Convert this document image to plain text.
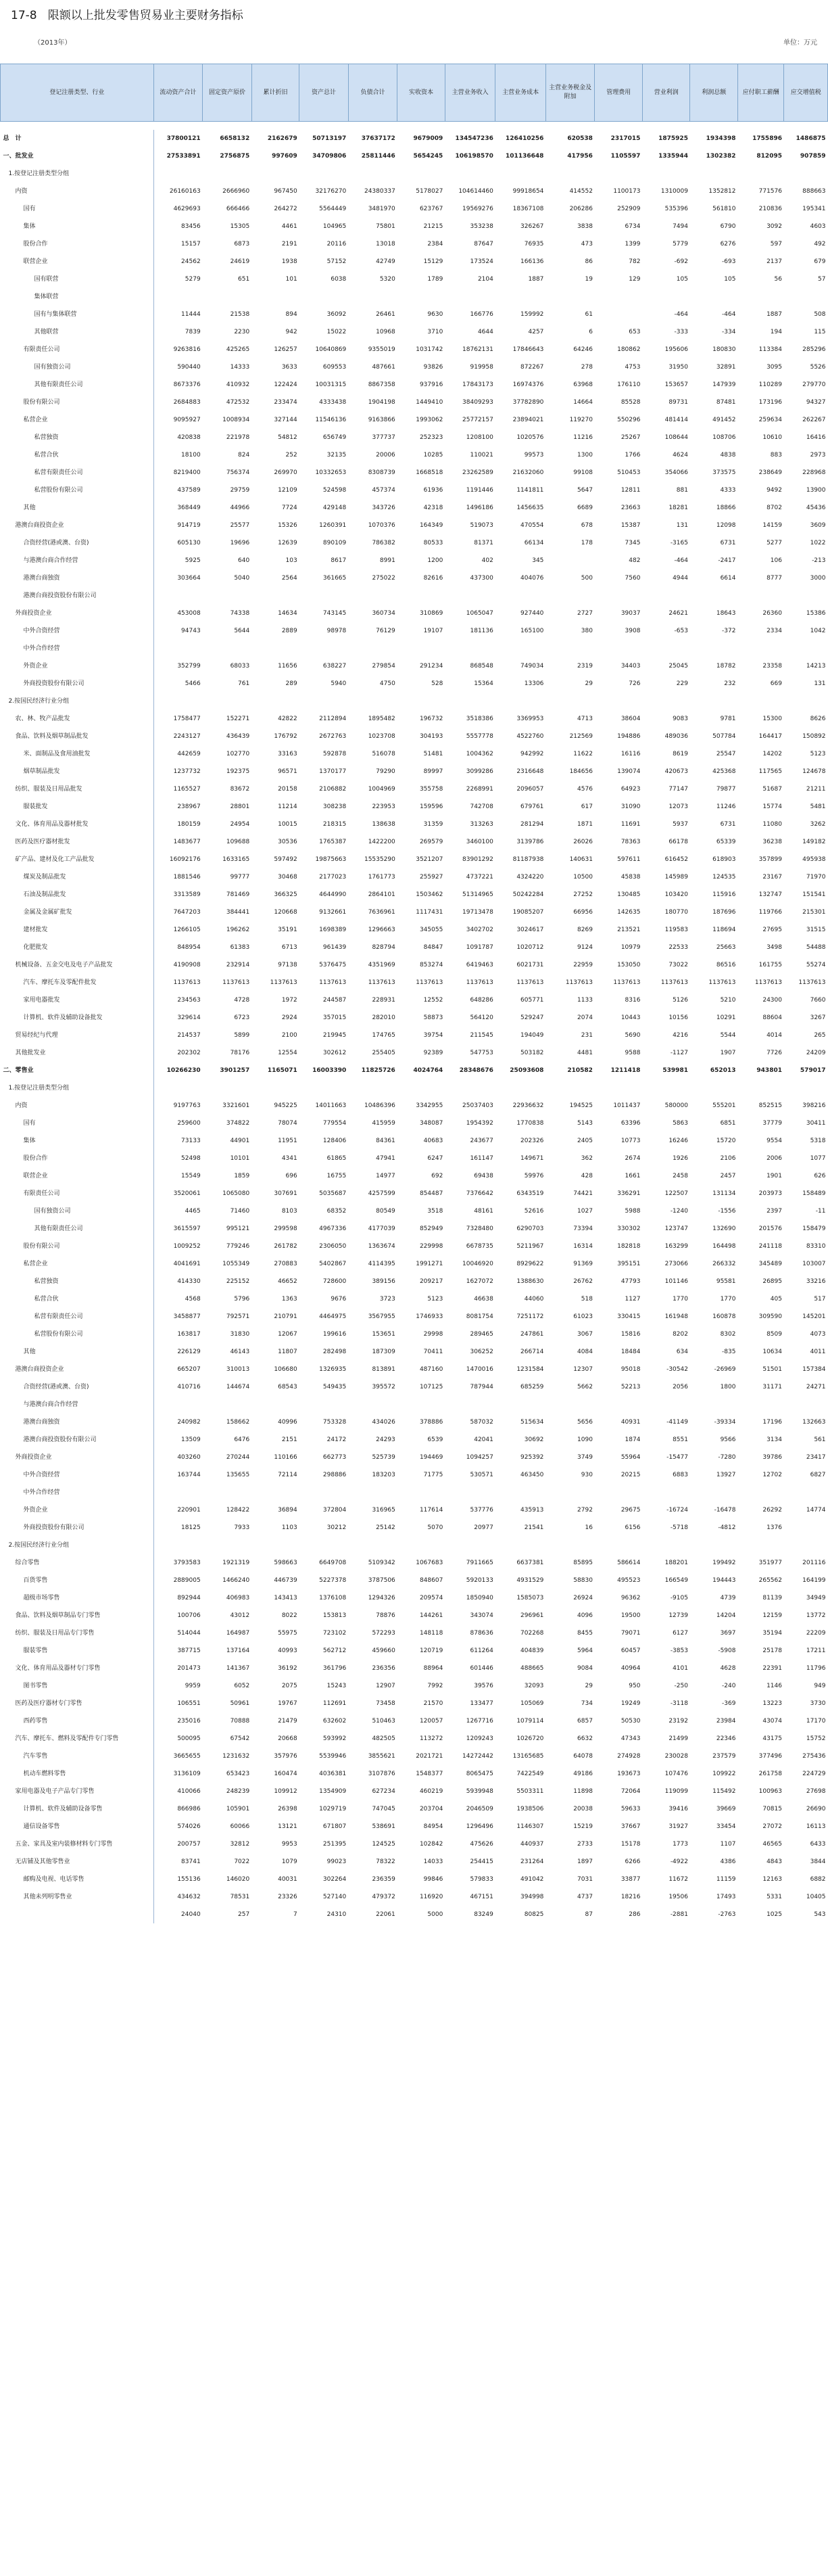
17-8   限额以上批发零售贸易业主要财务指标
（2013年）	单位：万元
登记注册类型、行业	流动资产合计	固定资产原价	累计折旧	资产总计	负债合计	实收资本	主营业务收入	主营业务成本	主营业务税金及附加	管理费用	营业利润	利润总额	应付职工薪酬	应交增值税

总　计	37800121	6658132	2162679	50713197	37637172	9679009	134547236	126410256	620538	2317015	1875925	1934398	1755896	1486875
一、批发业	27533891	2756875	997609	34709806	25811446	5654245	106198570	101136648	417956	1105597	1335944	1302382	812095	907859
1.按登记注册类型分组														
内资	26160163	2666960	967450	32176270	24380337	5178027	104614460	99918654	414552	1100173	1310009	1352812	771576	888663
国有	4629693	666466	264272	5564449	3481970	623767	19569276	18367108	206286	252909	535396	561810	210836	195341
集体	83456	15305	4461	104965	75801	21215	353238	326267	3838	6734	7494	6790	3092	4603
股份合作	15157	6873	2191	20116	13018	2384	87647	76935	473	1399	5779	6276	597	492
联营企业	24562	24619	1938	57152	42749	15129	173524	166136	86	782	-692	-693	2137	679
国有联营	5279	651	101	6038	5320	1789	2104	1887	19	129	105	105	56	57
集体联营														
国有与集体联营	11444	21538	894	36092	26461	9630	166776	159992	61		-464	-464	1887	508
其他联营	7839	2230	942	15022	10968	3710	4644	4257	6	653	-333	-334	194	115
有限责任公司	9263816	425265	126257	10640869	9355019	1031742	18762131	17846643	64246	180862	195606	180830	113384	285296
国有独资公司	590440	14333	3633	609553	487661	93826	919958	872267	278	4753	31950	32891	3095	5526
其他有限责任公司	8673376	410932	122424	10031315	8867358	937916	17843173	16974376	63968	176110	153657	147939	110289	279770
股份有限公司	2684883	472532	233474	4333438	1904198	1449410	38409293	37782890	14664	85528	89731	87481	173196	94327
私营企业	9095927	1008934	327144	11546136	9163866	1993062	25772157	23894021	119270	550296	481414	491452	259634	262267
私营独资	420838	221978	54812	656749	377737	252323	1208100	1020576	11216	25267	108644	108706	10610	16416
私营合伙	18100	824	252	32135	20006	10285	110021	99573	1300	1766	4624	4838	883	2973
私营有限责任公司	8219400	756374	269970	10332653	8308739	1668518	23262589	21632060	99108	510453	354066	373575	238649	228968
私营股份有限公司	437589	29759	12109	524598	457374	61936	1191446	1141811	5647	12811	881	4333	9492	13900
其他	368449	44966	7724	429148	343726	42318	1496186	1456635	6689	23663	18281	18866	8702	45436
港澳台商投资企业	914719	25577	15326	1260391	1070376	164349	519073	470554	678	15387	131	12098	14159	3609
合资经营(港或澳、台资)	605130	19696	12639	890109	786382	80533	81371	66134	178	7345	-3165	6731	5277	1022
与港澳台商合作经营	5925	640	103	8617	8991	1200	402	345		482	-464	-2417	106	-213
港澳台商独资	303664	5040	2564	361665	275022	82616	437300	404076	500	7560	4944	6614	8777	3000
港澳台商投资股份有限公司														
外商投资企业	453008	74338	14634	743145	360734	310869	1065047	927440	2727	39037	24621	18643	26360	15386
中外合资经营	94743	5644	2889	98978	76129	19107	181136	165100	380	3908	-653	-372	2334	1042
中外合作经营														
外资企业	352799	68033	11656	638227	279854	291234	868548	749034	2319	34403	25045	18782	23358	14213
外商投资股份有限公司	5466	761	289	5940	4750	528	15364	13306	29	726	229	232	669	131
2.按国民经济行业分组														
农、林、牧产品批发	1758477	152271	42822	2112894	1895482	196732	3518386	3369953	4713	38604	9083	9781	15300	8626
食品、饮料及烟草制品批发	2243127	436439	176792	2672763	1023708	304193	5557778	4522760	212569	194886	489036	507784	164417	150892
米、面制品及食用油批发	442659	102770	33163	592878	516078	51481	1004362	942992	11622	16116	8619	25547	14202	5123
烟草制品批发	1237732	192375	96571	1370177	79290	89997	3099286	2316648	184656	139074	420673	425368	117565	124678
纺织、服装及日用品批发	1165527	83672	20158	2106882	1004969	355758	2268991	2096057	4576	64923	77147	79877	51687	21211
服装批发	238967	28801	11214	308238	223953	159596	742708	679761	617	31090	12073	11246	15774	5481
文化、体育用品及器材批发	180159	24954	10015	218315	138638	31359	313263	281294	1871	11691	5937	6731	11080	3262
医药及医疗器材批发	1483677	109688	30536	1765387	1422200	269579	3460100	3139786	26026	78363	66178	65339	36238	149182
矿产品、建材及化工产品批发	16092176	1633165	597492	19875663	15535290	3521207	83901292	81187938	140631	597611	616452	618903	357899	495938
煤炭及制品批发	1881546	99777	30468	2177023	1761773	255927	4737221	4324220	10500	45838	145989	124535	23167	71970
石油及制品批发	3313589	781469	366325	4644990	2864101	1503462	51314965	50242284	27252	130485	103420	115916	132747	151541
金属及金属矿批发	7647203	384441	120668	9132661	7636961	1117431	19713478	19085207	66956	142635	180770	187696	119766	215301
建材批发	1266105	196262	35191	1698389	1296663	345055	3402702	3024617	8269	213521	119583	118694	27695	31515
化肥批发	848954	61383	6713	961439	828794	84847	1091787	1020712	9124	10979	22533	25663	3498	54488
机械设备、五金交电及电子产品批发	4190908	232914	97138	5376475	4351969	853274	6419463	6021731	22959	153050	73022	86516	161755	55274
汽车、摩托车及零配件批发	1137613	1137613	1137613	1137613	1137613	1137613	1137613	1137613	1137613	1137613	1137613	1137613	1137613	1137613
家用电器批发	234563	4728	1972	244587	228931	12552	648286	605771	1133	8316	5126	5210	24300	7660
计算机、软件及辅助设备批发	329614	6723	2924	357015	282010	58873	564120	529247	2074	10443	10156	10291	88604	3267
贸易经纪与代理	214537	5899	2100	219945	174765	39754	211545	194049	231	5690	4216	5544	4014	265
其他批发业	202302	78176	12554	302612	255405	92389	547753	503182	4481	9588	-1127	1907	7726	24209
二、零售业	10266230	3901257	1165071	16003390	11825726	4024764	28348676	25093608	210582	1211418	539981	652013	943801	579017
1.按登记注册类型分组														
内资	9197763	3321601	945225	14011663	10486396	3342955	25037403	22936632	194525	1011437	580000	555201	852515	398216
国有	259600	374822	78074	779554	415959	348087	1954392	1770838	5143	63396	5863	6851	37779	30411
集体	73133	44901	11951	128406	84361	40683	243677	202326	2405	10773	16246	15720	9554	5318
股份合作	52498	10101	4341	61865	47941	6247	161147	149671	362	2674	1926	2106	2006	1077
联营企业	15549	1859	696	16755	14977	692	69438	59976	428	1661	2458	2457	1901	626
有限责任公司	3520061	1065080	307691	5035687	4257599	854487	7376642	6343519	74421	336291	122507	131134	203973	158489
国有独资公司	4465	71460	8103	68352	80549	3518	48161	52616	1027	5988	-1240	-1556	2397	-11
其他有限责任公司	3615597	995121	299598	4967336	4177039	852949	7328480	6290703	73394	330302	123747	132690	201576	158479
股份有限公司	1009252	779246	261782	2306050	1363674	229998	6678735	5211967	16314	182818	163299	164498	241118	83310
私营企业	4041691	1055349	270883	5402867	4114395	1991271	10046920	8929622	91369	395151	273066	266332	345489	103007
私营独资	414330	225152	46652	728600	389156	209217	1627072	1388630	26762	47793	101146	95581	26895	33216
私营合伙	4568	5796	1363	9676	3723	5123	46638	44060	518	1127	1770	1770	405	517
私营有限责任公司	3458877	792571	210791	4464975	3567955	1746933	8081754	7251172	61023	330415	161948	160878	309590	145201
私营股份有限公司	163817	31830	12067	199616	153651	29998	289465	247861	3067	15816	8202	8302	8509	4073
其他	226129	46143	11807	282498	187309	70411	306252	266714	4084	18484	634	-835	10634	4011
港澳台商投资企业	665207	310013	106680	1326935	813891	487160	1470016	1231584	12307	95018	-30542	-26969	51501	157384
合资经营(港或澳、台资)	410716	144674	68543	549435	395572	107125	787944	685259	5662	52213	2056	1800	31171	24271
与港澳台商合作经营														
港澳台商独资	240982	158662	40996	753328	434026	378886	587032	515634	5656	40931	-41149	-39334	17196	132663
港澳台商投资股份有限公司	13509	6476	2151	24172	24293	6539	42041	30692	1090	1874	8551	9566	3134	561
外商投资企业	403260	270244	110166	662773	525739	194469	1094257	925392	3749	55964	-15477	-7280	39786	23417
中外合资经营	163744	135655	72114	298886	183203	71775	530571	463450	930	20215	6883	13927	12702	6827
中外合作经营														
外资企业	220901	128422	36894	372804	316965	117614	537776	435913	2792	29675	-16724	-16478	26292	14774
外商投资股份有限公司	18125	7933	1103	30212	25142	5070	20977	21541	16	6156	-5718	-4812	1376	
2.按国民经济行业分组														
综合零售	3793583	1921319	598663	6649708	5109342	1067683	7911665	6637381	85895	586614	188201	199492	351977	201116
百货零售	2889005	1466240	446739	5227378	3787506	848607	5920133	4931529	58830	495523	166549	194443	265562	164199
超级市场零售	892944	406983	143413	1376108	1294326	209574	1850940	1585073	26924	96362	-9105	4739	81139	34949
食品、饮料及烟草制品专门零售	100706	43012	8022	153813	78876	144261	343074	296961	4096	19500	12739	14204	12159	13772
纺织、服装及日用品专门零售	514044	164987	55975	723102	572293	148118	878636	702268	8455	79071	6127	3697	35194	22209
服装零售	387715	137164	40993	562712	459660	120719	611264	404839	5964	60457	-3853	-5908	25178	17211
文化、体育用品及器材专门零售	201473	141367	36192	361796	236356	88964	601446	488665	9084	40964	4101	4628	22391	11796
图书零售	9959	6052	2075	15243	12907	7992	39576	32093	29	950	-250	-240	1146	949
医药及医疗器材专门零售	106551	50961	19767	112691	73458	21570	133477	105069	734	19249	-3118	-369	13223	3730
西药零售	235016	70888	21479	632602	510463	120057	1267716	1079114	6857	50530	23192	23984	43074	17170
汽车、摩托车、燃料及零配件专门零售	500095	67542	20668	593992	482505	113272	1209243	1026720	6632	47343	21499	22346	43175	15752
汽车零售	3665655	1231632	357976	5539946	3855621	2021721	14272442	13165685	64078	274928	230028	237579	377496	275436
机动车燃料零售	3136109	653423	160474	4036381	3107876	1548377	8065475	7422549	49186	193673	107476	109922	261758	224729
家用电器及电子产品专门零售	410066	248239	109912	1354909	627234	460219	5939948	5503311	11898	72064	119099	115492	100963	27698
计算机、软件及辅助设备零售	866986	105901	26398	1029719	747045	203704	2046509	1938506	20038	59633	39416	39669	70815	26690
通信设备零售	574026	60066	13121	671807	538691	84954	1296496	1146307	15219	37667	31927	33454	27072	16113
五金、家具及室内装修材料专门零售	200757	32812	9953	251395	124525	102842	475626	440937	2733	15178	1773	1107	46565	6433
无店铺及其他零售业	83741	7022	1079	99023	78322	14033	254415	231264	1897	6266	-4922	4386	4843	3844
邮购及电视、电话零售	155136	146020	40031	302264	236359	99846	579833	491042	7031	33877	11672	11159	12163	6882
其他未列明零售业	434632	78531	23326	527140	479372	116920	467151	394998	4737	18216	19506	17493	5331	10405
	24040	257	7	24310	22061	5000	83249	80825	87	286	-2881	-2763	1025	543
